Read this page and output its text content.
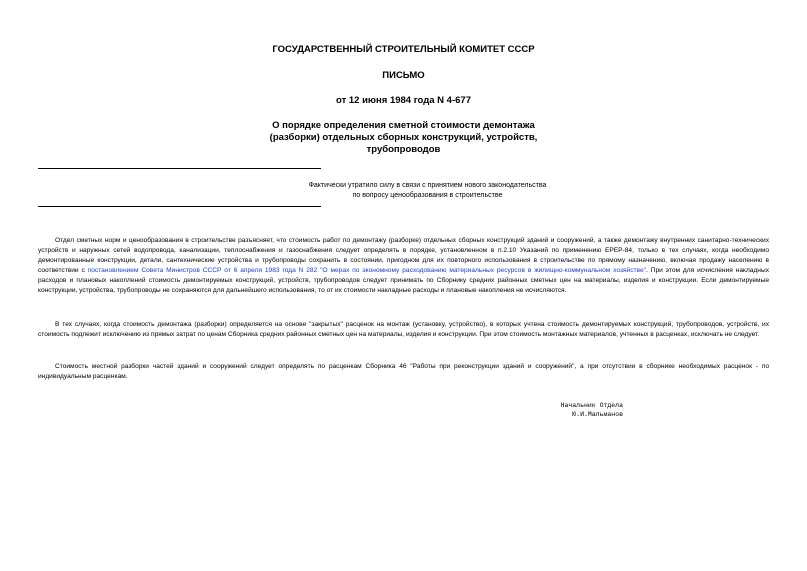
ГОСУДАРСТВЕННЫЙ СТРОИТЕЛЬНЫЙ КОМИТЕТ СССР
ПИСЬМО
от 12 июня 1984 года N 4-677
О порядке определения сметной стоимости демонтажа
(разборки) отдельных сборных конструкций, устройств,
трубопроводов
Фактически утратило силу в связи с принятием нового законодательства
по вопросу ценообразования в строительстве

Отдел сметных норм и ценообразования в строительстве разъясняет, что стоимость работ по демонтажу (разборке) отдельных сборных конструкций зданий и сооружений, а также демонтажу внутренних санитарно-технических устройств и наружных сетей водопровода, канализации, теплоснабжения и газоснабжения следует определять в порядке, установленном в п.2.10 Указаний по применению ЕРЕР-84, только в тех случаях, когда необходимо демонтированные конструкции, детали, сантехнические устройства и трубопроводы сохранить в состоянии, пригодном для их повторного использования в строительстве по прямому назначению, включая продажу населению в соответствии с постановлением Совета Министров СССР от 6 апреля 1983 года N 282 "О мерах по экономному расходованию материальных ресурсов в жилищно-коммунальном хозяйстве". При этом для исчисления накладных расходов и плановых накоплений стоимость демонтируемых конструкций, устройств, трубопроводов следует принимать по Сборнику средних районных сметных цен на материалы, изделия и конструкции. Если демонтируемые конструкции, устройства, трубопроводы не сохраняются для дальнейшего использования, то от их стоимости накладные расходы и плановые накопления не исчисляются.

В тех случаях, когда стоимость демонтажа (разборки) определяется на основе "закрытых" расценок на монтаж (установку, устройство), в которых учтена стоимость демонтируемых конструкций, трубопроводов, устройств, их стоимость подлежит исключению из прямых затрат по ценам Сборника средних районных сметных цен на материалы, изделия и конструкции. При этом стоимость монтажных материалов, учтенных в расценках, исключать не следует.

Стоимость местной разборки частей зданий и сооружений следует определять по расценкам Сборника 46 "Работы при реконструкции зданий и сооружений", а при отсутствии в сборнике необходимых расценок - по индивидуальным расценкам.

Начальник Отдела
Ю.И.Мальманов
